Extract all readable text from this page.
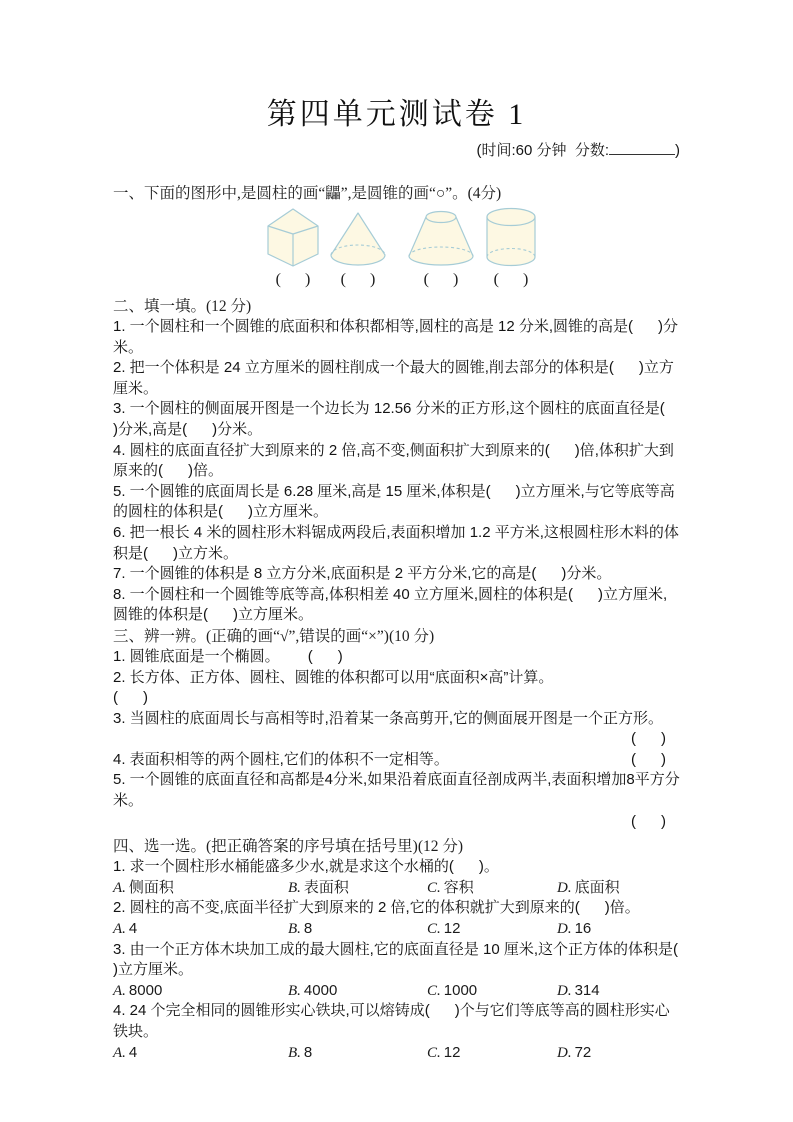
第四单元测试卷 1
(时间:60 分钟  分数:	)

一、下面的图形中,是圆柱的画“鼺”,是圆锥的画“○”。(4分)

(      ) (      )	(      ) (      )

二、填一填。(12 分)

1. 一个圆柱和一个圆锥的底面积和体积都相等,圆柱的高是 12 分米,圆锥的高是(      )分米。

2. 把一个体积是 24 立方厘米的圆柱削成一个最大的圆锥,削去部分的体积是(      )立方厘米。

3. 一个圆柱的侧面展开图是一个边长为 12.56 分米的正方形,这个圆柱的底面直径是(      )分米,高是(      )分米。

4. 圆柱的底面直径扩大到原来的 2 倍,高不变,侧面积扩大到原来的(      )倍,体积扩大到原来的(      )倍。

5. 一个圆锥的底面周长是 6.28 厘米,高是 15 厘米,体积是(      )立方厘米,与它等底等高的圆柱的体积是(      )立方厘米。

6. 把一根长 4 米的圆柱形木料锯成两段后,表面积增加 1.2 平方米,这根圆柱形木料的体积是(      )立方米。

7. 一个圆锥的体积是 8 立方分米,底面积是 2 平方分米,它的高是(      )分米。

8. 一个圆柱和一个圆锥等底等高,体积相差 40 立方厘米,圆柱的体积是(      )立方厘米,圆锥的体积是(      )立方厘米。

三、辨一辨。(正确的画“√”,错误的画“×”)(10 分)

1. 圆锥底面是一个椭圆。 (      )

2. 长方体、正方体、圆柱、圆锥的体积都可以用“底面积×高”计算。

(      )

3. 当圆柱的底面周长与高相等时,沿着某一条高剪开,它的侧面展开图是一个正方形。

(      )

4. 表面积相等的两个圆柱,它们的体积不一定相等。	(      )

5. 一个圆锥的底面直径和高都是4分米,如果沿着底面直径剖成两半,表面积增加8平方分米。

(      )

四、选一选。(把正确答案的序号填在括号里)(12 分)

1. 求一个圆柱形水桶能盛多少水,就是求这个水桶的(      )。

A. 侧面积	B. 表面积	C. 容积	D. 底面积

2. 圆柱的高不变,底面半径扩大到原来的 2 倍,它的体积就扩大到原来的(      )倍。

A. 4	B. 8	C. 12	D. 16

3. 由一个正方体木块加工成的最大圆柱,它的底面直径是 10 厘米,这个正方体的体积是(      )立方厘米。

A. 8000	B. 4000	C. 1000	D. 314

4. 24 个完全相同的圆锥形实心铁块,可以熔铸成(      )个与它们等底等高的圆柱形实心铁块。

A. 4	B. 8	C. 12	D. 72
